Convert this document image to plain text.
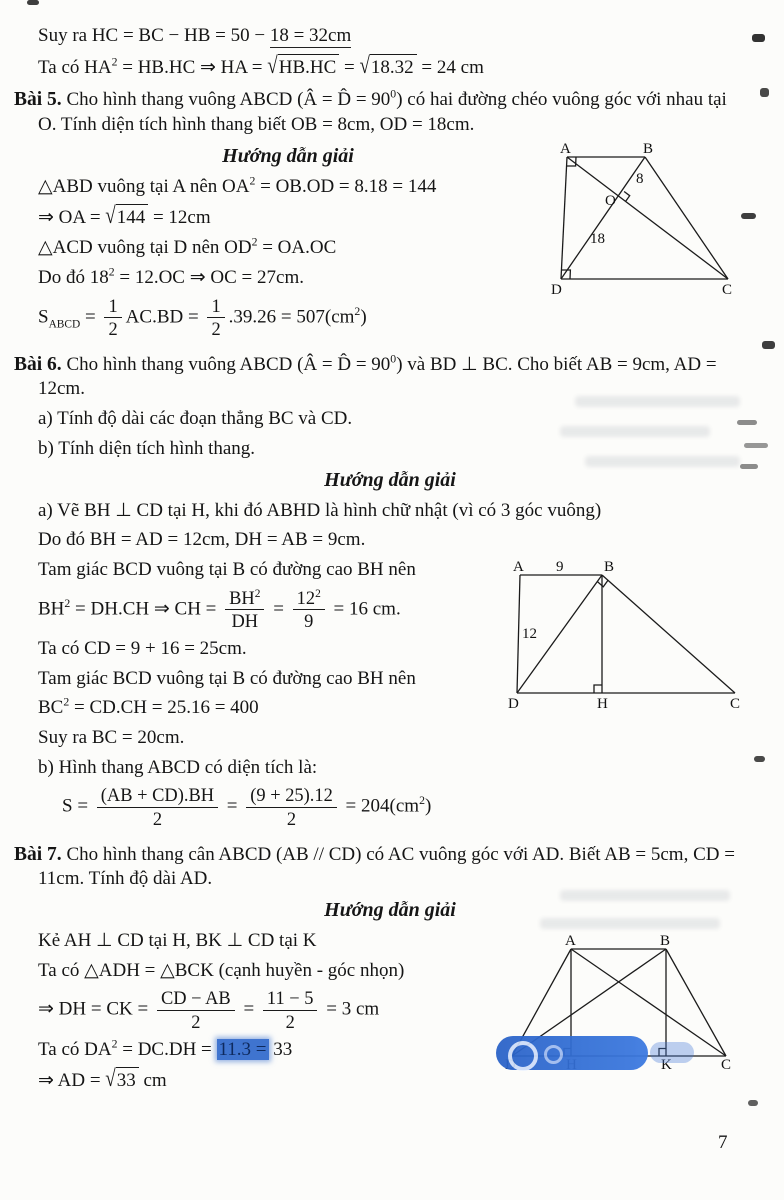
Suy ra HC = BC − HB = 50 − 18 = 32cm

Ta có $HA^2 = HB.HC$ ⇒ HA = √HB.HC = √18.32 = 24 cm

Bài 5. Cho hình thang vuông ABCD (Â = D̂ = $90^0$) có hai đường chéo vuông góc với nhau tại O. Tính diện tích hình thang biết OB = 8cm, OD = 18cm.

A	B
D	C
O
8
18
Hướng dẫn giải

△ABD vuông tại A nên $OA^2 = OB.OD = 8.18 = 144$

⇒ OA = √144 = 12cm

△ACD vuông tại D nên $OD^2 = OA.OC$

Do đó $18^2 = 12.OC$ ⇒ OC = 27cm.

$S_{ABCD} = \frac{1}{2} AC.BD = \frac{1}{2} .39.26 = 507(cm^2)$

Bài 6. Cho hình thang vuông ABCD (Â = D̂ = $90^0$) và BD ⊥ BC. Cho biết AB = 9cm, AD = 12cm.

a) Tính độ dài các đoạn thẳng BC và CD.

b) Tính diện tích hình thang.

Hướng dẫn giải

a) Vẽ BH ⊥ CD tại H, khi đó ABHD là hình chữ nhật (vì có 3 góc vuông)

Do đó BH = AD = 12cm, DH = AB = 9cm.

A 9	B
12
D	H	C

Tam giác BCD vuông tại B có đường cao BH nên

$BH^2 = DH.CH$ ⇒ CH = $\frac{BH^2}{DH} = \frac{12^2}{9} = 16$ cm.

Ta có CD = 9 + 16 = 25cm.

Tam giác BCD vuông tại B có đường cao BH nên

$BC^2 = CD.CH = 25.16 = 400$

Suy ra BC = 20cm.

b) Hình thang ABCD có diện tích là:

$S = \frac{(AB + CD).BH}{2} = \frac{(9 + 25).12}{2} = 204(cm^2)$

Bài 7. Cho hình thang cân ABCD (AB // CD) có AC vuông góc với AD. Biết AB = 5cm, CD = 11cm. Tính độ dài AD.

Hướng dẫn giải
A	B
K	C

Kẻ AH ⊥ CD tại H, BK ⊥ CD tại K

Ta có △ADH = △BCK (cạnh huyền - góc nhọn)

⇒ DH = CK = $\frac{CD - AB}{2} = \frac{11 - 5}{2} = 3$ cm

Ta có $DA^2 = DC.DH = 11.3 = 33$

⇒ AD = √33 cm

7
